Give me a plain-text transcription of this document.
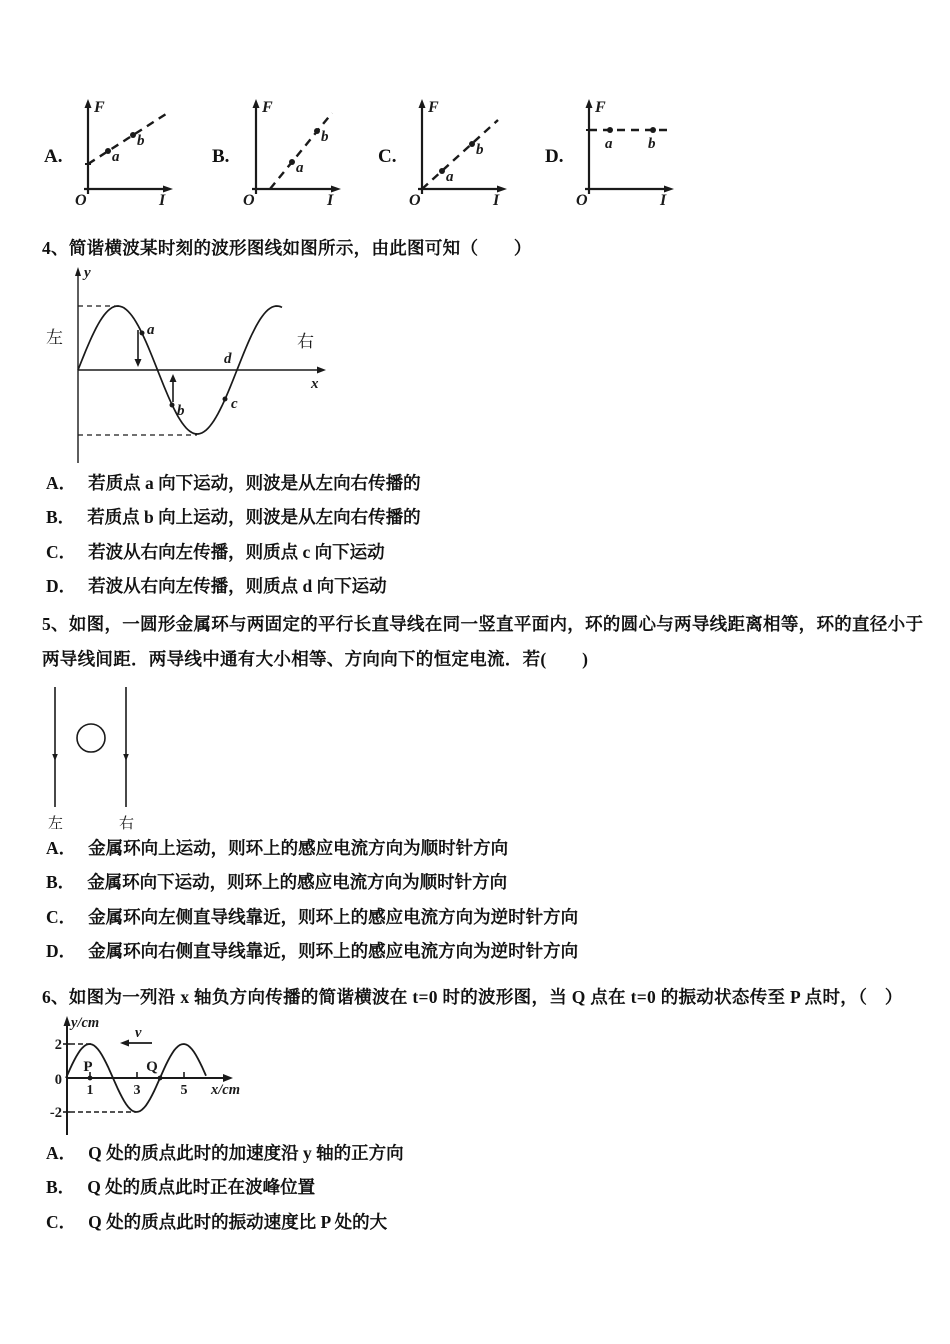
A.
F
I
O
a
b
B.
F
I
O
a
b
C.
F
I
O
a
b	D.
F
I
O
a b
4、简谐横波某时刻的波形图线如图所示，由此图可知（　　）
y
x
左	右
a
b	c
d
A． 若质点 a 向下运动，则波是从左向右传播的
B． 若质点 b 向上运动，则波是从左向右传播的
C． 若波从右向左传播，则质点 c 向下运动
D． 若波从右向左传播，则质点 d 向下运动
5、如图，一圆形金属环与两固定的平行长直导线在同一竖直平面内，环的圆心与两导线距离相等，环的直径小于两导线间距．两导线中通有大小相等、方向向下的恒定电流．若(　　)
左	右
A． 金属环向上运动，则环上的感应电流方向为顺时针方向
B． 金属环向下运动，则环上的感应电流方向为顺时针方向
C． 金属环向左侧直导线靠近，则环上的感应电流方向为逆时针方向
D． 金属环向右侧直导线靠近，则环上的感应电流方向为逆时针方向
6、如图为一列沿 x 轴负方向传播的简谐横波在 t=0 时的波形图，当 Q 点在 t=0 的振动状态传至 P 点时，（　）
y/cm
x/cm
v
2
0
-2
P	Q
1	3	5
A． Q 处的质点此时的加速度沿 y 轴的正方向
B． Q 处的质点此时正在波峰位置
C． Q 处的质点此时的振动速度比 P 处的大
